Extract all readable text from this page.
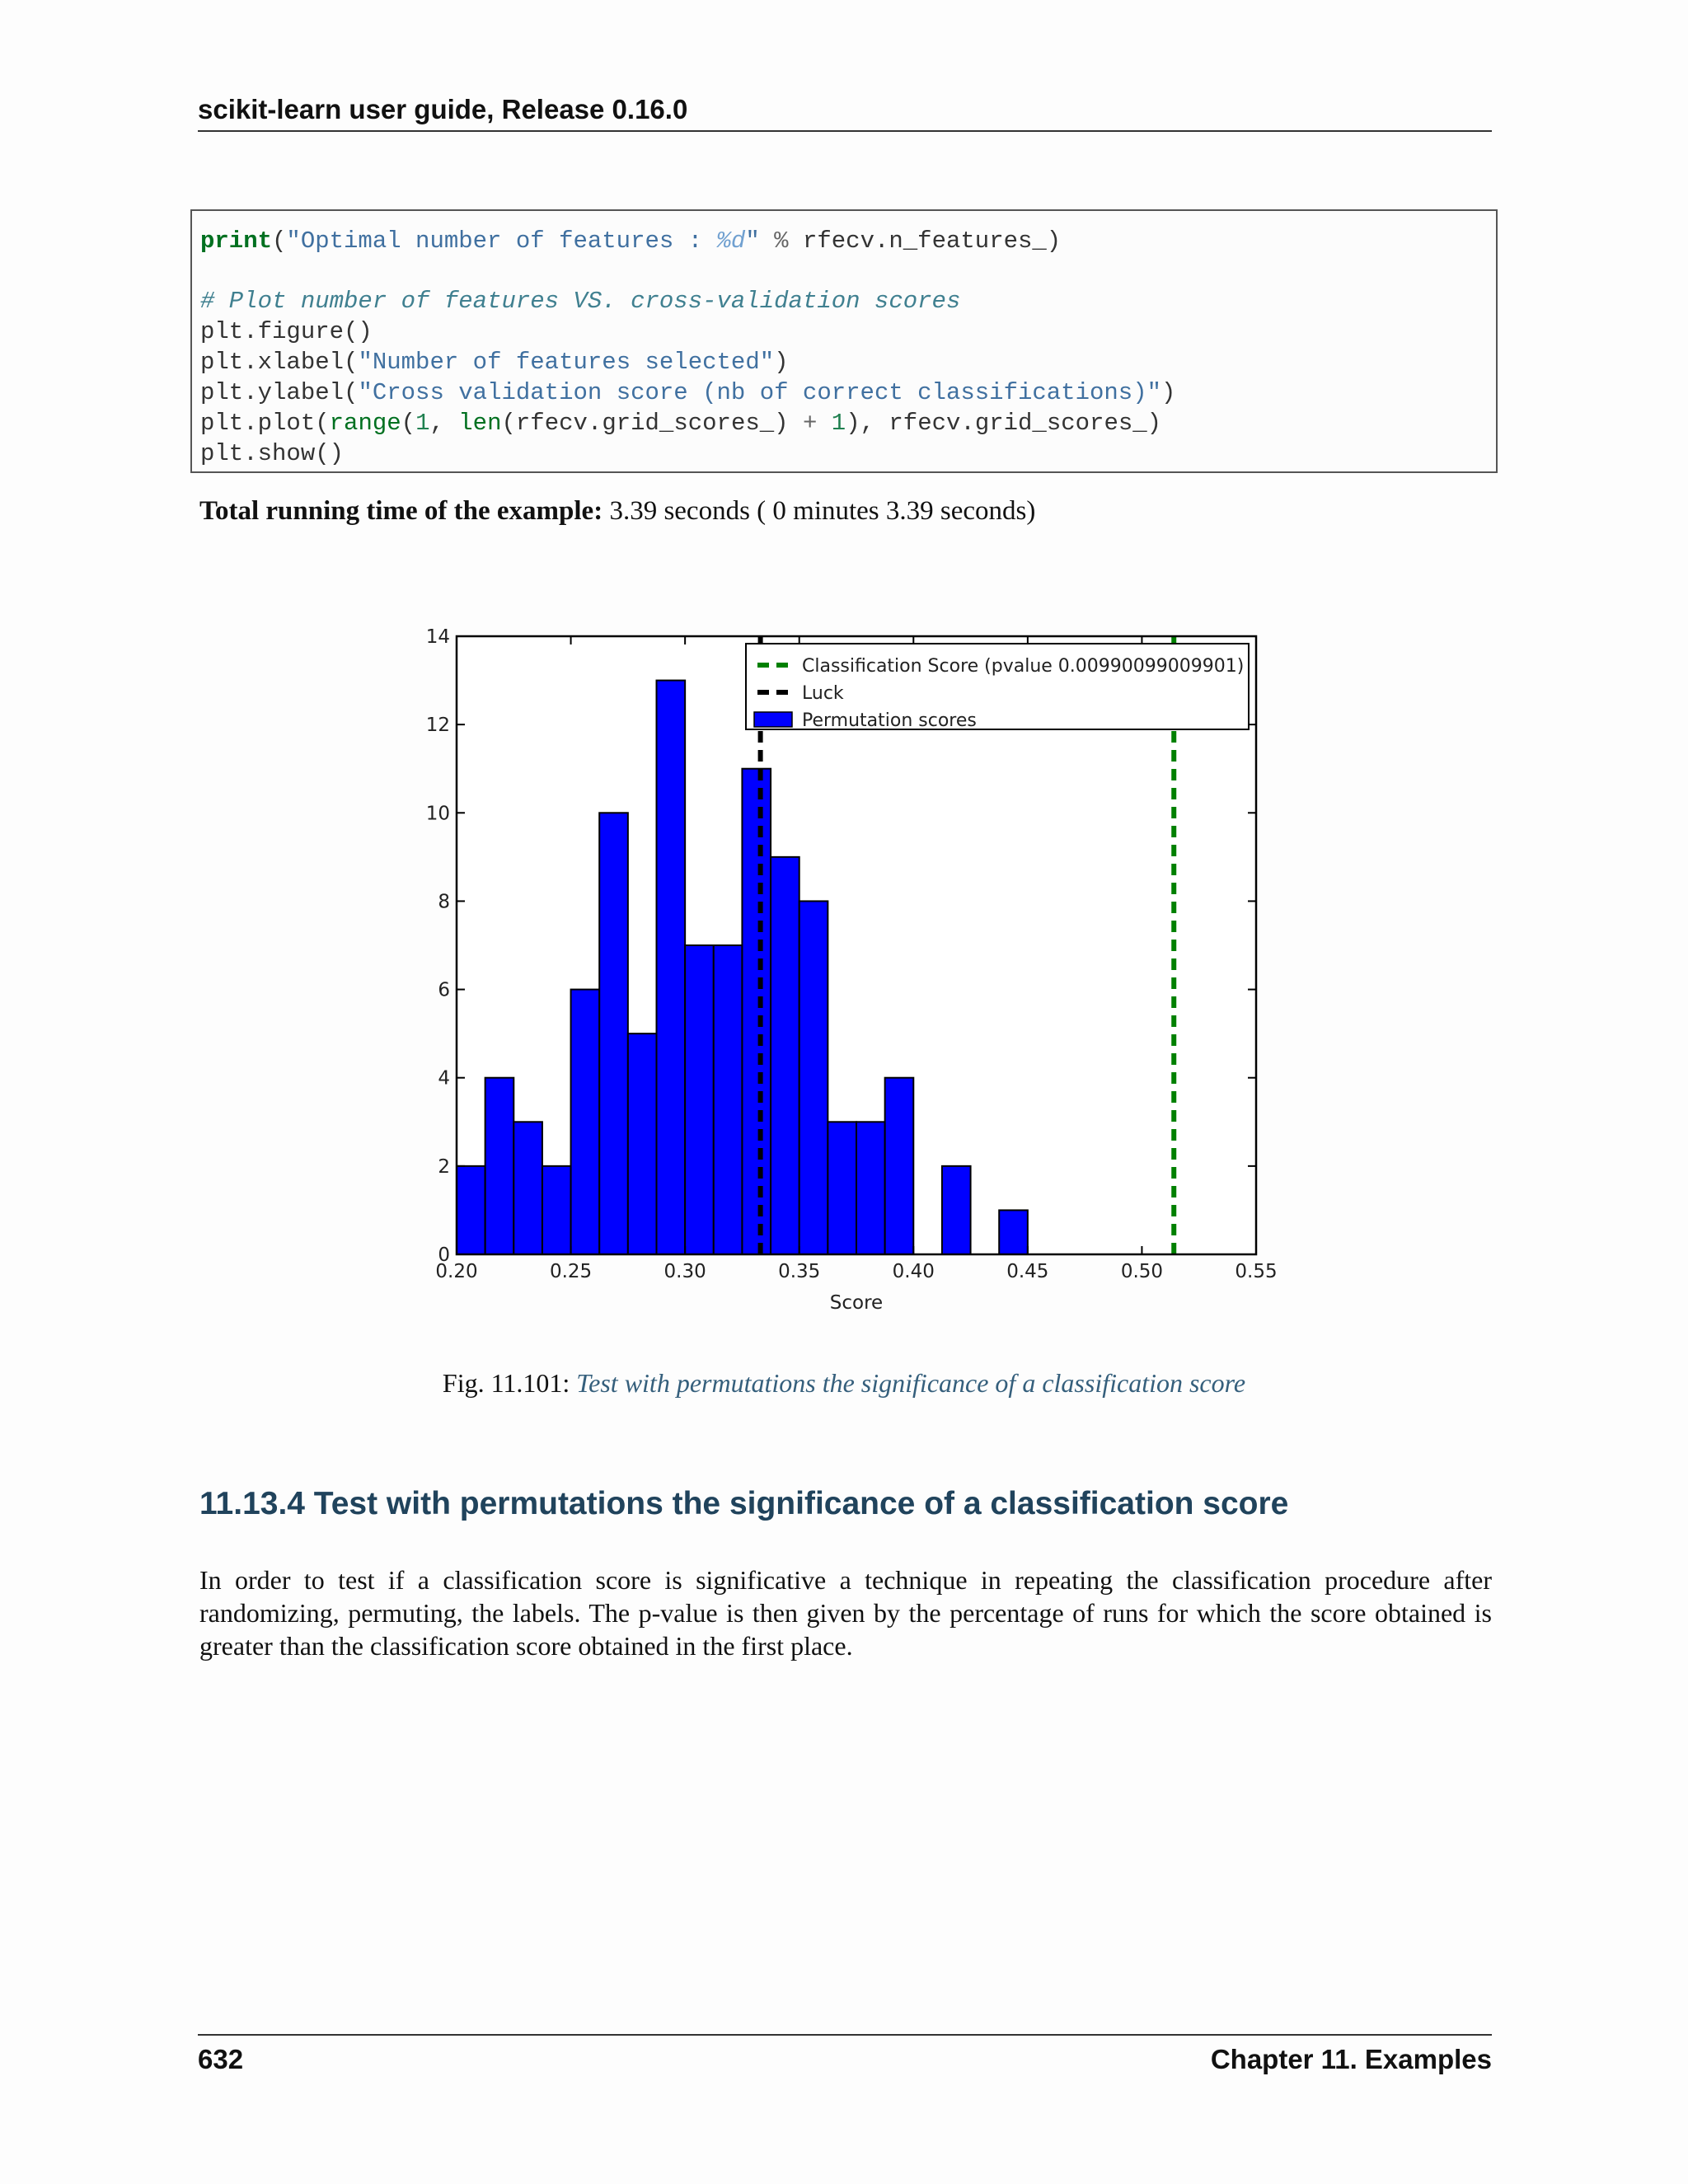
scikit-learn user guide, Release 0.16.0
print("Optimal number of features : %d" % rfecv.n_features_)
# Plot number of features VS. cross-validation scores
plt.figure()
plt.xlabel("Number of features selected")
plt.ylabel("Cross validation score (nb of correct classifications)")
plt.plot(range(1, len(rfecv.grid_scores_) + 1), rfecv.grid_scores_)
plt.show()
Total running time of the example: 3.39 seconds ( 0 minutes 3.39 seconds)
0.20	0.25	0.30	0.35	0.40	0.45	0.50	0.55
0
2
4
6
8
10
12
14
Score
Classification Score (pvalue 0.00990099009901)
Luck
Permutation scores
Fig. 11.101: Test with permutations the significance of a classification score
11.13.4 Test with permutations the significance of a classification score
In order to test if a classification score is significative a technique in repeating the classification procedure after randomizing, permuting, the labels. The p-value is then given by the percentage of runs for which the score obtained is greater than the classification score obtained in the first place.
632	Chapter 11. Examples
